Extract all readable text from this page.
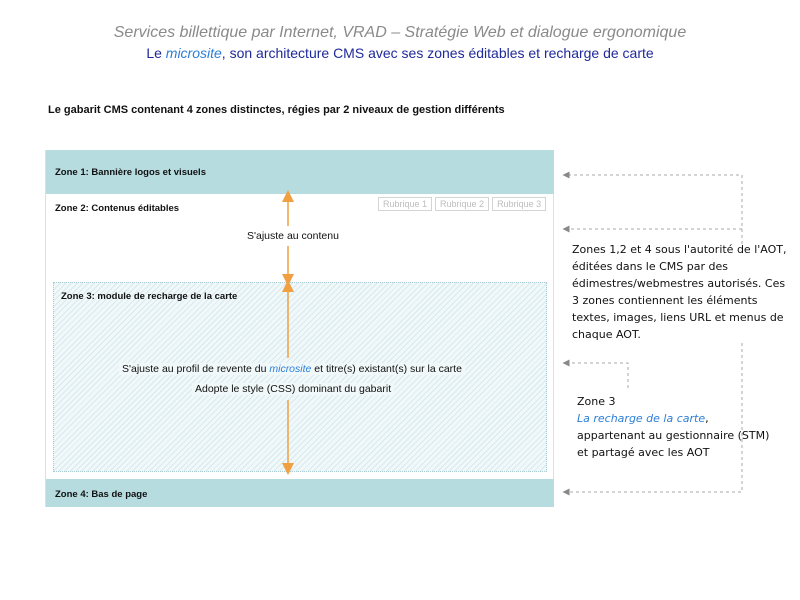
Services billettique par Internet, VRAD – Stratégie Web et dialogue ergonomique
Le microsite, son architecture CMS avec ses zones éditables et recharge de carte
Le gabarit CMS contenant 4 zones distinctes, régies par 2 niveaux de gestion différents
Zone 1: Bannière logos et visuels
Zone 2: Contenus éditables
Zone 3: module de recharge de la carte
Zone 4: Bas de page
Rubrique 1	Rubrique 2	Rubrique 3
S'ajuste au contenu
S'ajuste au profil de revente du microsite et titre(s) existant(s) sur la carte
Adopte le style (CSS) dominant du gabarit
Zones 1,2 et 4 sous l'autorité de l'AOT, éditées dans le CMS par des édimestres/webmestres autorisés. Ces 3 zones contiennent les éléments textes, images, liens URL et menus de chaque AOT.
Zone 3
La recharge de la carte, appartenant au gestionnaire (STM) et partagé avec les AOT
